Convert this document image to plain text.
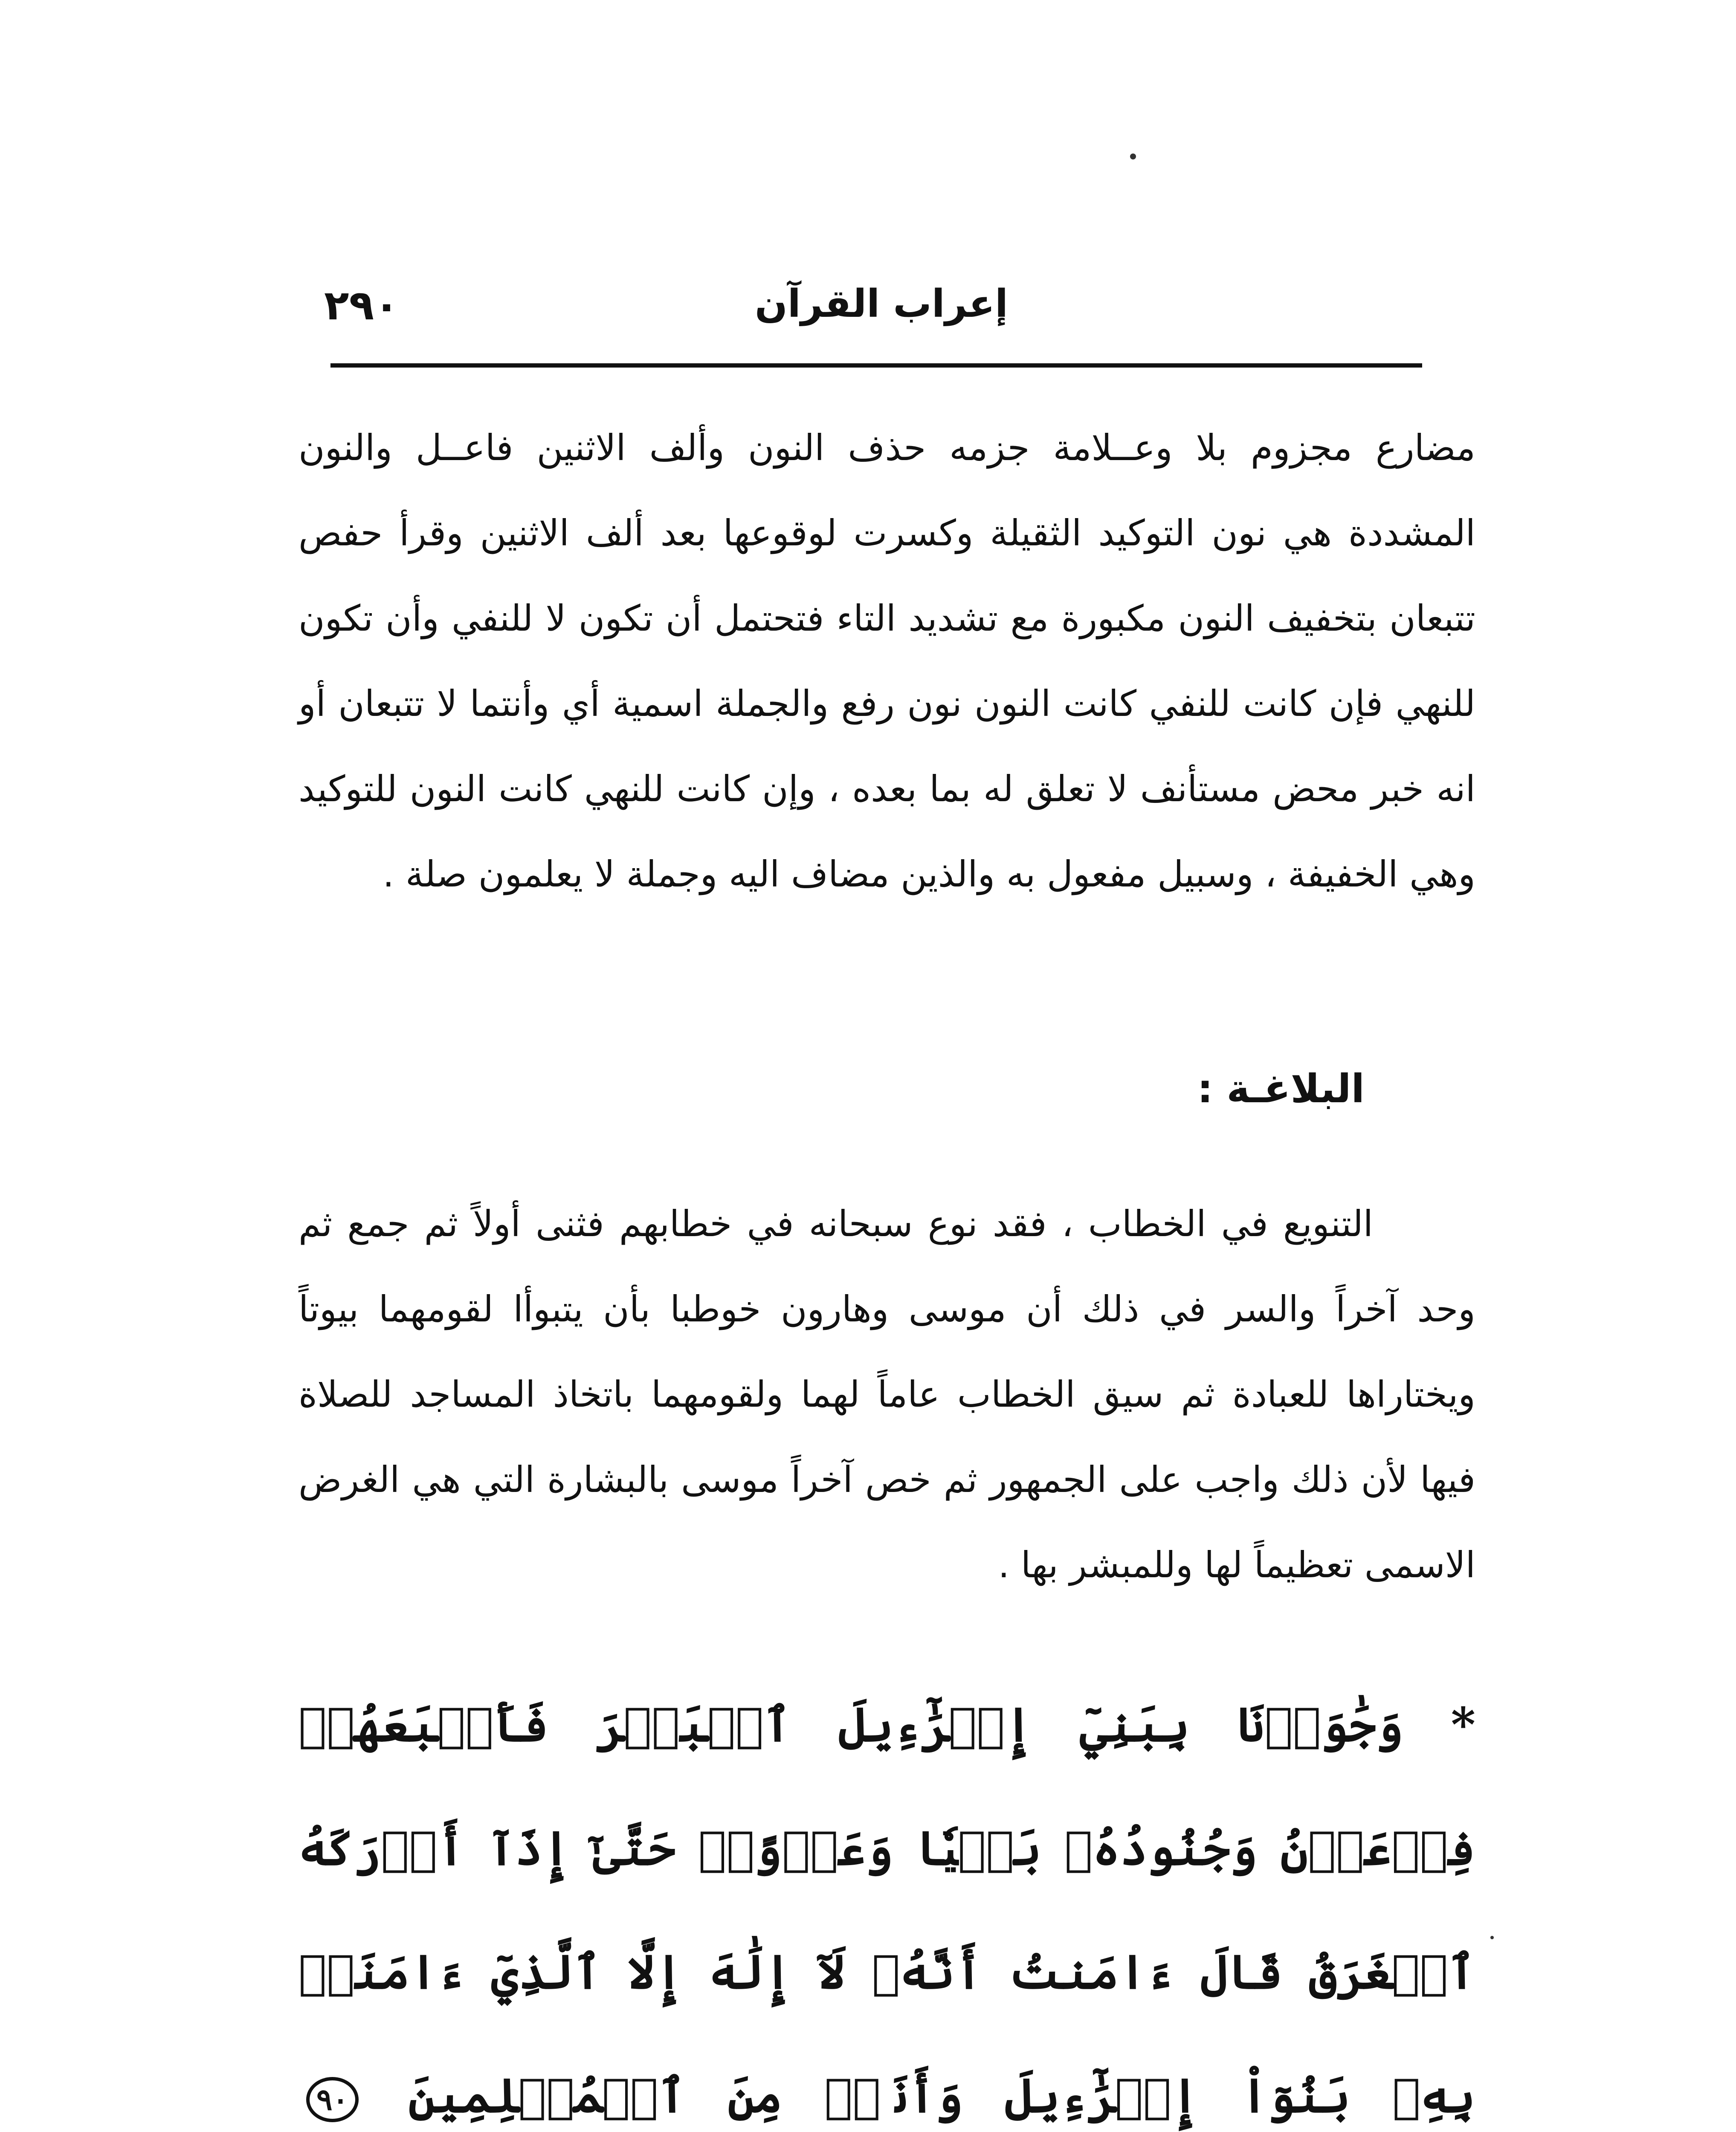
٢٩٠	إعراب القرآن

مضارع مجزوم بلا وعــلامة جزمه حذف النون وألف الاثنين فاعــل والنون المشددة هي نون التوكيد الثقيلة وكسرت لوقوعها بعد ألف الاثنين وقرأ حفص تتبعان بتخفيف النون مكبورة مع تشديد التاء فتحتمل أن تكون لا للنفي وأن تكون للنهي فإن كانت للنفي كانت النون نون رفع والجملة اسمية أي وأنتما لا تتبعان أو انه خبر محض مستأنف لا تعلق له بما بعده ، وإن كانت للنهي كانت النون للتوكيد وهي الخفيفة ، وسبيل مفعول به والذين مضاف اليه وجملة لا يعلمون صلة .

البلاغـة :

التنويع في الخطاب ، فقد نوع سبحانه في خطابهم فثنى أولاً ثم جمع ثم وحد آخراً والسر في ذلك أن موسى وهارون خوطبا بأن يتبوأا لقومهما بيوتاً ويختاراها للعبادة ثم سيق الخطاب عاماً لهما ولقومهما باتخاذ المساجد للصلاة فيها لأن ذلك واجب على الجمهور ثم خص آخراً موسى بالبشارة التي هي الغرض الاسمى تعظيماً لها وللمبشر بها .

* وَجَٰوَزۡنَا بِبَنِيٓ إِسۡرَٰٓءِيلَ ٱلۡبَحۡرَ فَأَتۡبَعَهُمۡ فِرۡعَوۡنُ وَجُنُودُهُۥ بَغۡيٗا وَعَدۡوًاۖ حَتَّىٰٓ إِذَآ أَدۡرَكَهُ ٱلۡغَرَقُ قَالَ ءَامَنتُ أَنَّهُۥ لَآ إِلَٰهَ إِلَّا ٱلَّذِيٓ ءَامَنَتۡ بِهِۦ بَنُوٓاْ إِسۡرَٰٓءِيلَ وَأَنَا۠ مِنَ ٱلۡمُسۡلِمِينَ ٩٠
